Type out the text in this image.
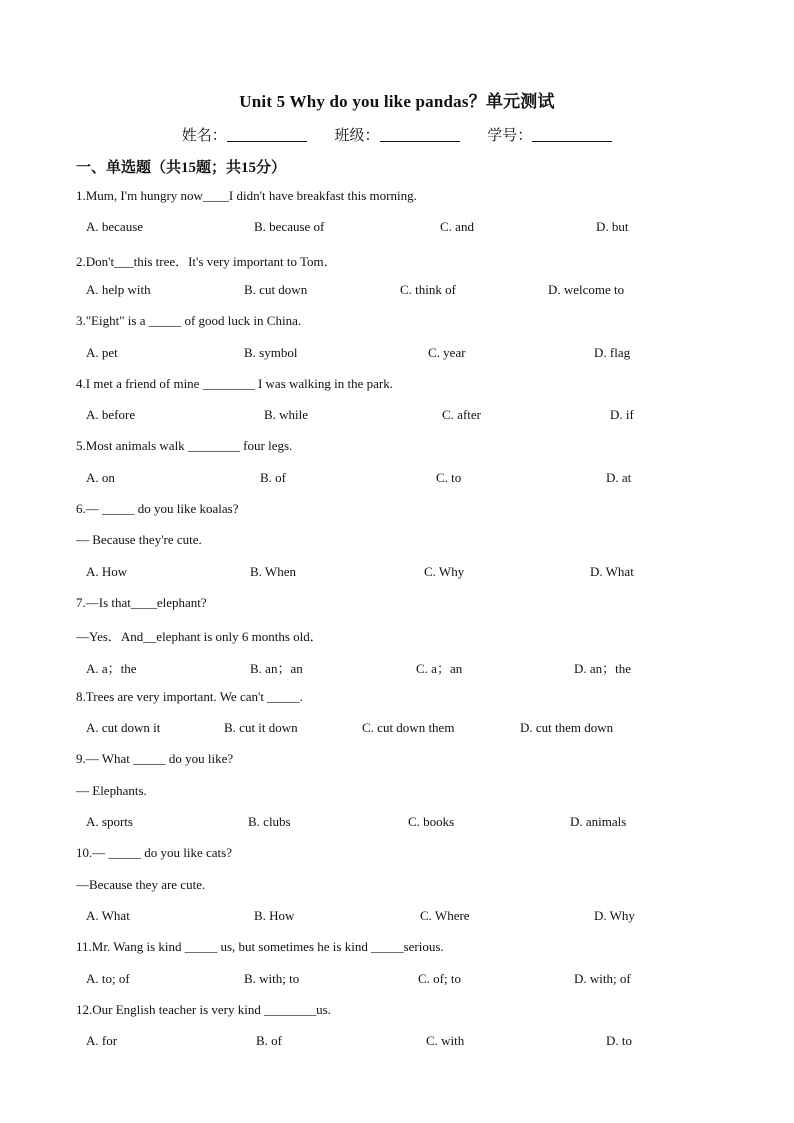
Unit 5 Why do you like pandas？单元测试
姓名：	班级：	学号：
一、单选题（共15题；共15分）
1.Mum, I'm hungry now____I didn't have breakfast this morning.
A. because	B. because of	C. and	D. but
2.Don't___this tree．It's very important to Tom．
A. help with	B. cut down	C. think of	D. welcome to
3."Eight" is a _____ of good luck in China.
A. pet	B. symbol	C. year	D. flag
4.I met a friend of mine ________ I was walking in the park.
A. before	B. while	C. after	D. if
5.Most animals walk ________ four legs.
A. on	B. of	C. to	D. at
6.— _____ do you like koalas?
— Because they're cute.
A. How	B. When	C. Why	D. What
7.—Is that____elephant?
—Yes．And__elephant is only 6 months old．
A. a；the	B. an；an	C. a；an	D. an；the
8.Trees are very important. We can't _____.
A. cut down it	B. cut it down	C. cut down them	D. cut them down
9.— What _____ do you like?
— Elephants.
A. sports	B. clubs	C. books	D. animals
10.— _____ do you like cats?
—Because they are cute.
A. What	B. How	C. Where	D. Why
11.Mr. Wang is kind _____ us, but sometimes he is kind _____serious.
A. to; of	B. with; to	C. of; to	D. with; of
12.Our English teacher is very kind ________us.
A. for	B. of	C. with	D. to
